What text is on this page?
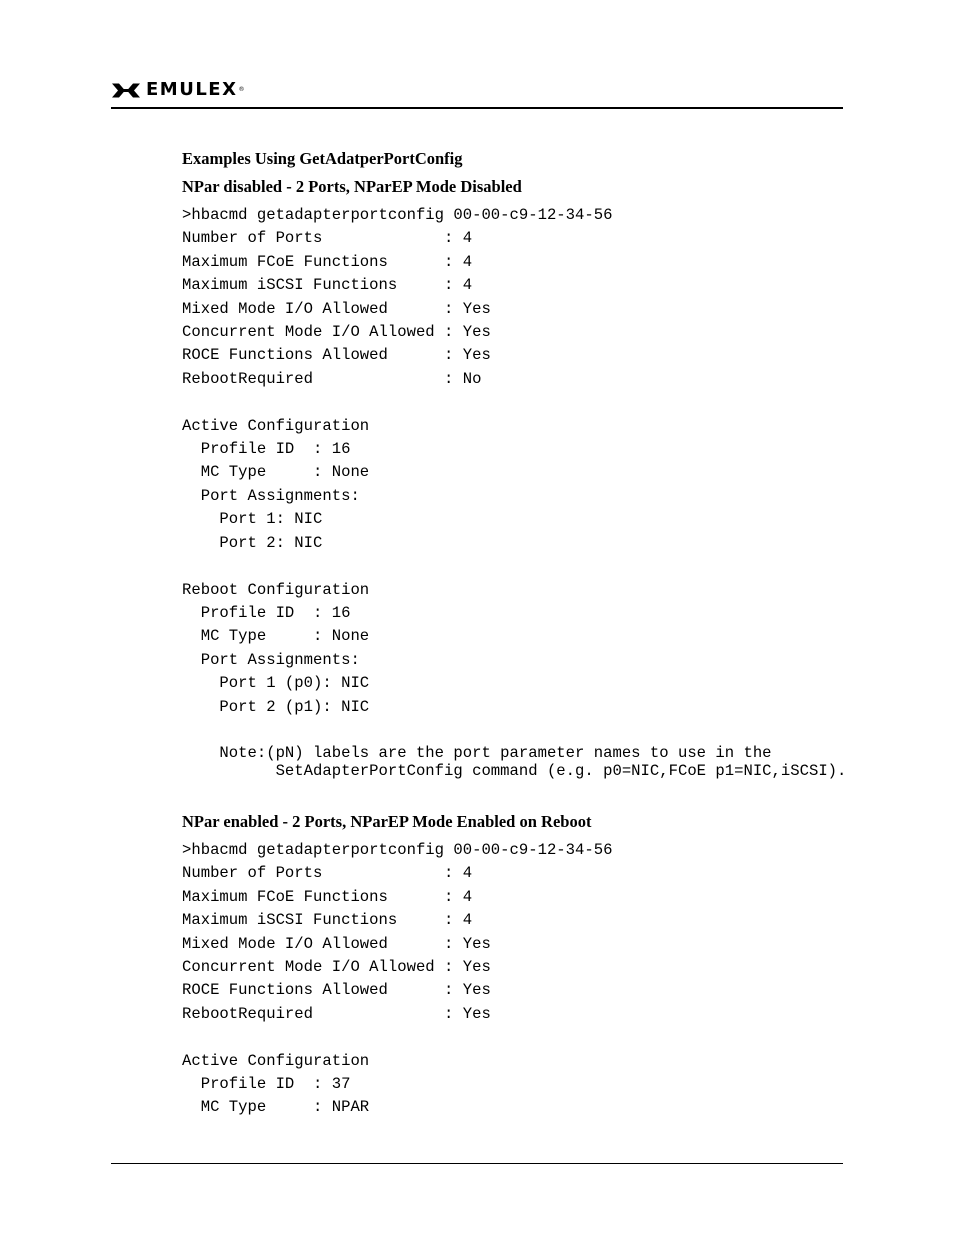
EMULEX ®
Examples Using GetAdatperPortConfig
NPar disabled - 2 Ports, NParEP Mode Disabled
>hbacmd getadapterportconfig 00-00-c9-12-34-56
Number of Ports             : 4
Maximum FCoE Functions      : 4
Maximum iSCSI Functions     : 4
Mixed Mode I/O Allowed      : Yes
Concurrent Mode I/O Allowed : Yes
ROCE Functions Allowed      : Yes
RebootRequired              : No

Active Configuration
Profile ID  : 16
MC Type     : None
Port Assignments:
Port 1: NIC
Port 2: NIC

Reboot Configuration
Profile ID  : 16
MC Type     : None
Port Assignments:
Port 1 (p0): NIC
Port 2 (p1): NIC

Note:(pN) labels are the port parameter names to use in the
SetAdapterPortConfig command (e.g. p0=NIC,FCoE p1=NIC,iSCSI).
NPar enabled - 2 Ports, NParEP Mode Enabled on Reboot
>hbacmd getadapterportconfig 00-00-c9-12-34-56
Number of Ports             : 4
Maximum FCoE Functions      : 4
Maximum iSCSI Functions     : 4
Mixed Mode I/O Allowed      : Yes
Concurrent Mode I/O Allowed : Yes
ROCE Functions Allowed      : Yes
RebootRequired              : Yes

Active Configuration
Profile ID  : 37
MC Type     : NPAR
